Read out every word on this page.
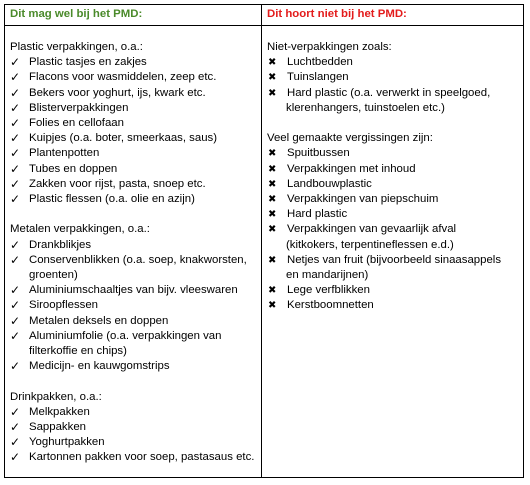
Dit mag wel bij het PMD:
Plastic verpakkingen, o.a.:
✓ Plastic tasjes en zakjes
✓ Flacons voor wasmiddelen, zeep etc.
✓ Bekers voor yoghurt, ijs, kwark etc.
✓ Blisterverpakkingen
✓ Folies en cellofaan
✓ Kuipjes (o.a. boter, smeerkaas, saus)
✓ Plantenpotten
✓ Tubes en doppen
✓ Zakken voor rijst, pasta, snoep etc.
✓ Plastic flessen (o.a. olie en azijn)
Metalen verpakkingen, o.a.:
✓ Drankblikjes
✓ Conservenblikken (o.a. soep, knakworsten,
groenten)
✓ Aluminiumschaaltjes van bijv. vleeswaren
✓ Siroopflessen
✓ Metalen deksels en doppen
✓ Aluminiumfolie (o.a. verpakkingen van
filterkoffie en chips)
✓ Medicijn- en kauwgomstrips
Drinkpakken, o.a.:
✓ Melkpakken
✓ Sappakken
✓ Yoghurtpakken
✓ Kartonnen pakken voor soep, pastasaus etc.
Dit hoort niet bij het PMD:
Niet-verpakkingen zoals:
✖ Luchtbedden
✖ Tuinslangen
✖ Hard plastic (o.a. verwerkt in speelgoed,
klerenhangers, tuinstoelen etc.)
Veel gemaakte vergissingen zijn:
✖ Spuitbussen
✖ Verpakkingen met inhoud
✖ Landbouwplastic
✖ Verpakkingen van piepschuim
✖ Hard plastic
✖ Verpakkingen van gevaarlijk afval
(kitkokers, terpentineflessen e.d.)
✖ Netjes van fruit (bijvoorbeeld sinaasappels
en mandarijnen)
✖ Lege verfblikken
✖ Kerstboomnetten
